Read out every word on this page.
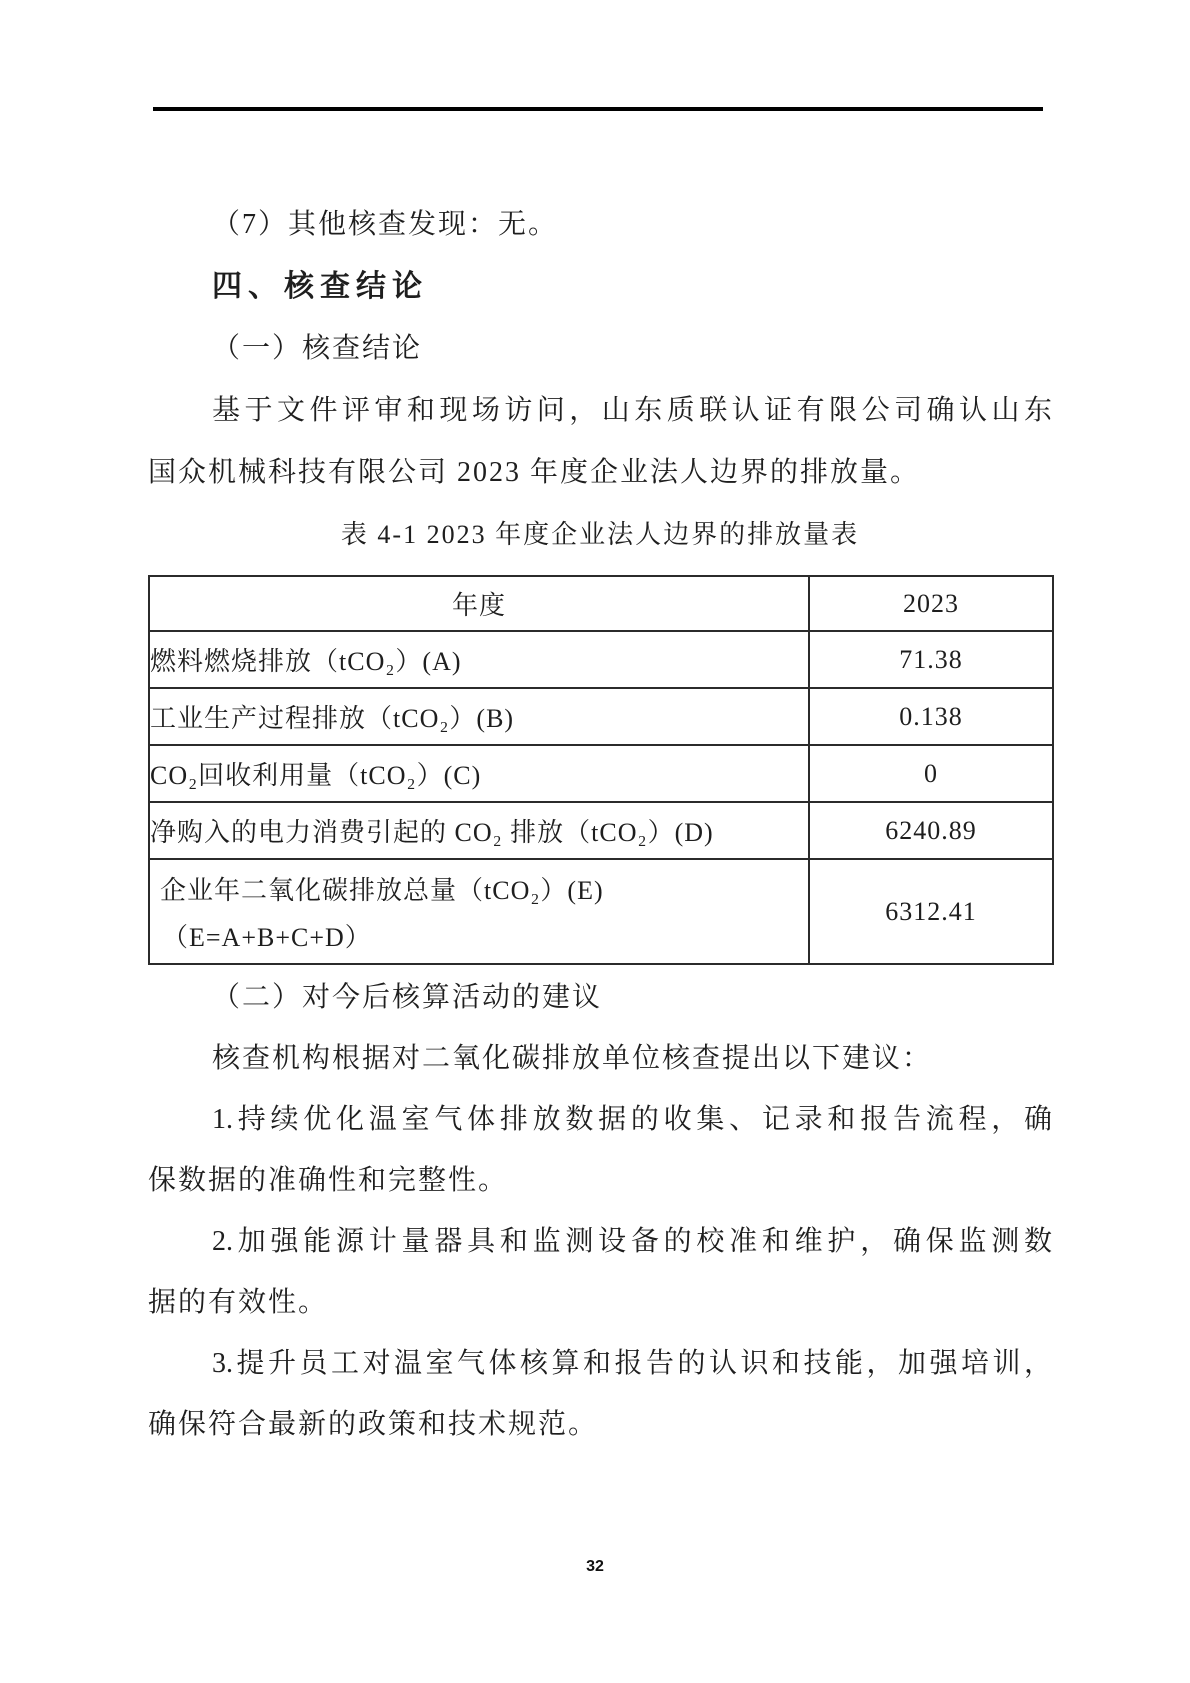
（7）其他核查发现：无。

四、核查结论
（一）核查结论

基于文件评审和现场访问，山东质联认证有限公司确认山东

国众机械科技有限公司 2023 年度企业法人边界的排放量。

表 4-1 2023 年度企业法人边界的排放量表
年度	2023
燃料燃烧排放（tCO₂）(A)	71.38
工业生产过程排放（tCO₂）(B)	0.138
CO₂回收利用量（tCO₂）(C)	0
净购入的电力消费引起的 CO₂ 排放（tCO₂）(D)	6240.89

企业年二氧化碳排放总量（tCO₂）(E)
（E=A+B+C+D）	6312.41
（二）对今后核算活动的建议

核查机构根据对二氧化碳排放单位核查提出以下建议：

1.持续优化温室气体排放数据的收集、记录和报告流程，确

保数据的准确性和完整性。

2.加强能源计量器具和监测设备的校准和维护，确保监测数

据的有效性。

3.提升员工对温室气体核算和报告的认识和技能，加强培训，

确保符合最新的政策和技术规范。

32
